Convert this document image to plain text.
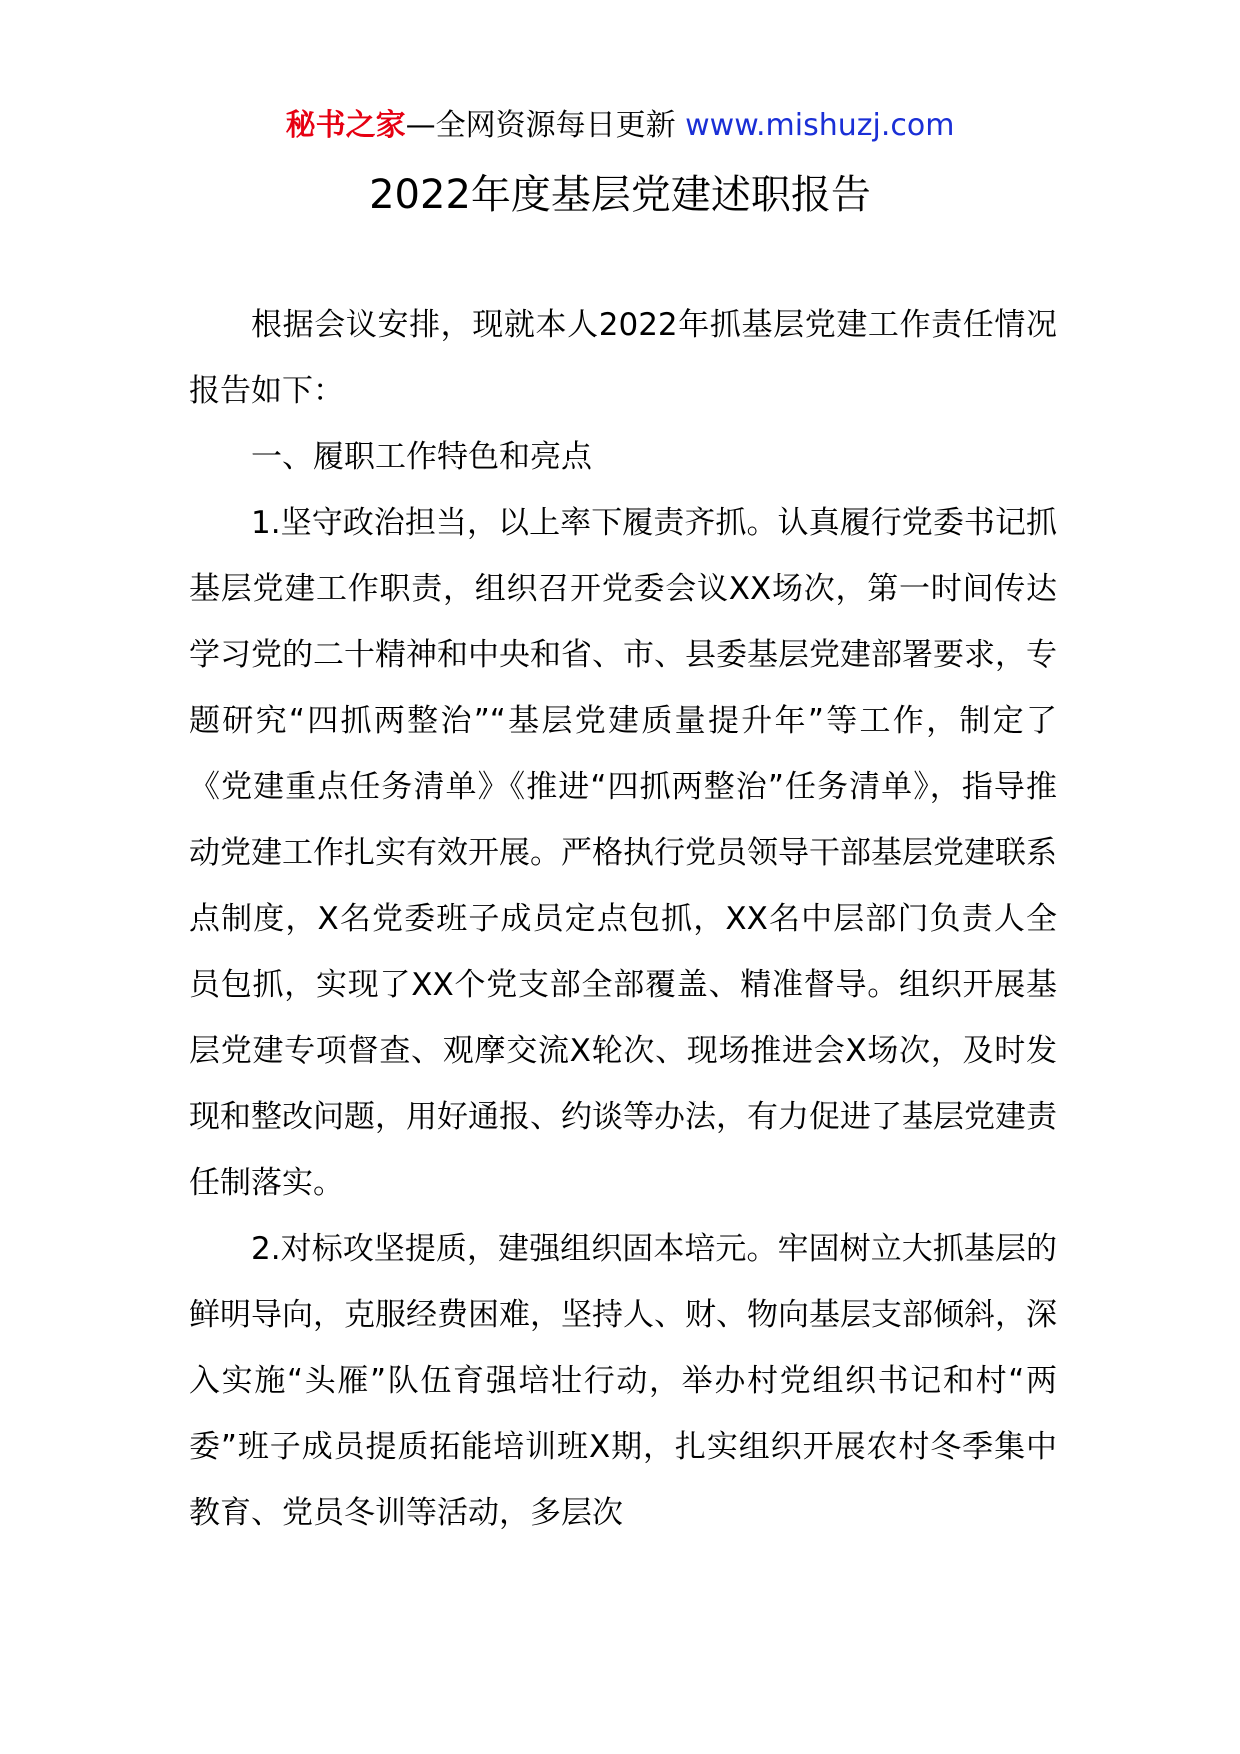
秘书之家—全网资源每日更新 www.mishuzj.com
2022年度基层党建述职报告

根据会议安排，现就本人2022年抓基层党建工作责任情况报告如下：

一、履职工作特色和亮点

1.坚守政治担当，以上率下履责齐抓。认真履行党委书记抓基层党建工作职责，组织召开党委会议XX场次，第一时间传达学习党的二十精神和中央和省、市、县委基层党建部署要求，专题研究“四抓两整治”“基层党建质量提升年”等工作，制定了《党建重点任务清单》《推进“四抓两整治”任务清单》，指导推动党建工作扎实有效开展。严格执行党员领导干部基层党建联系点制度，X名党委班子成员定点包抓，XX名中层部门负责人全员包抓，实现了XX个党支部全部覆盖、精准督导。组织开展基层党建专项督查、观摩交流X轮次、现场推进会X场次，及时发现和整改问题，用好通报、约谈等办法，有力促进了基层党建责任制落实。

2.对标攻坚提质，建强组织固本培元。牢固树立大抓基层的鲜明导向，克服经费困难，坚持人、财、物向基层支部倾斜，深入实施“头雁”队伍育强培壮行动，举办村党组织书记和村“两委”班子成员提质拓能培训班X期，扎实组织开展农村冬季集中教育、党员冬训等活动，多层次
